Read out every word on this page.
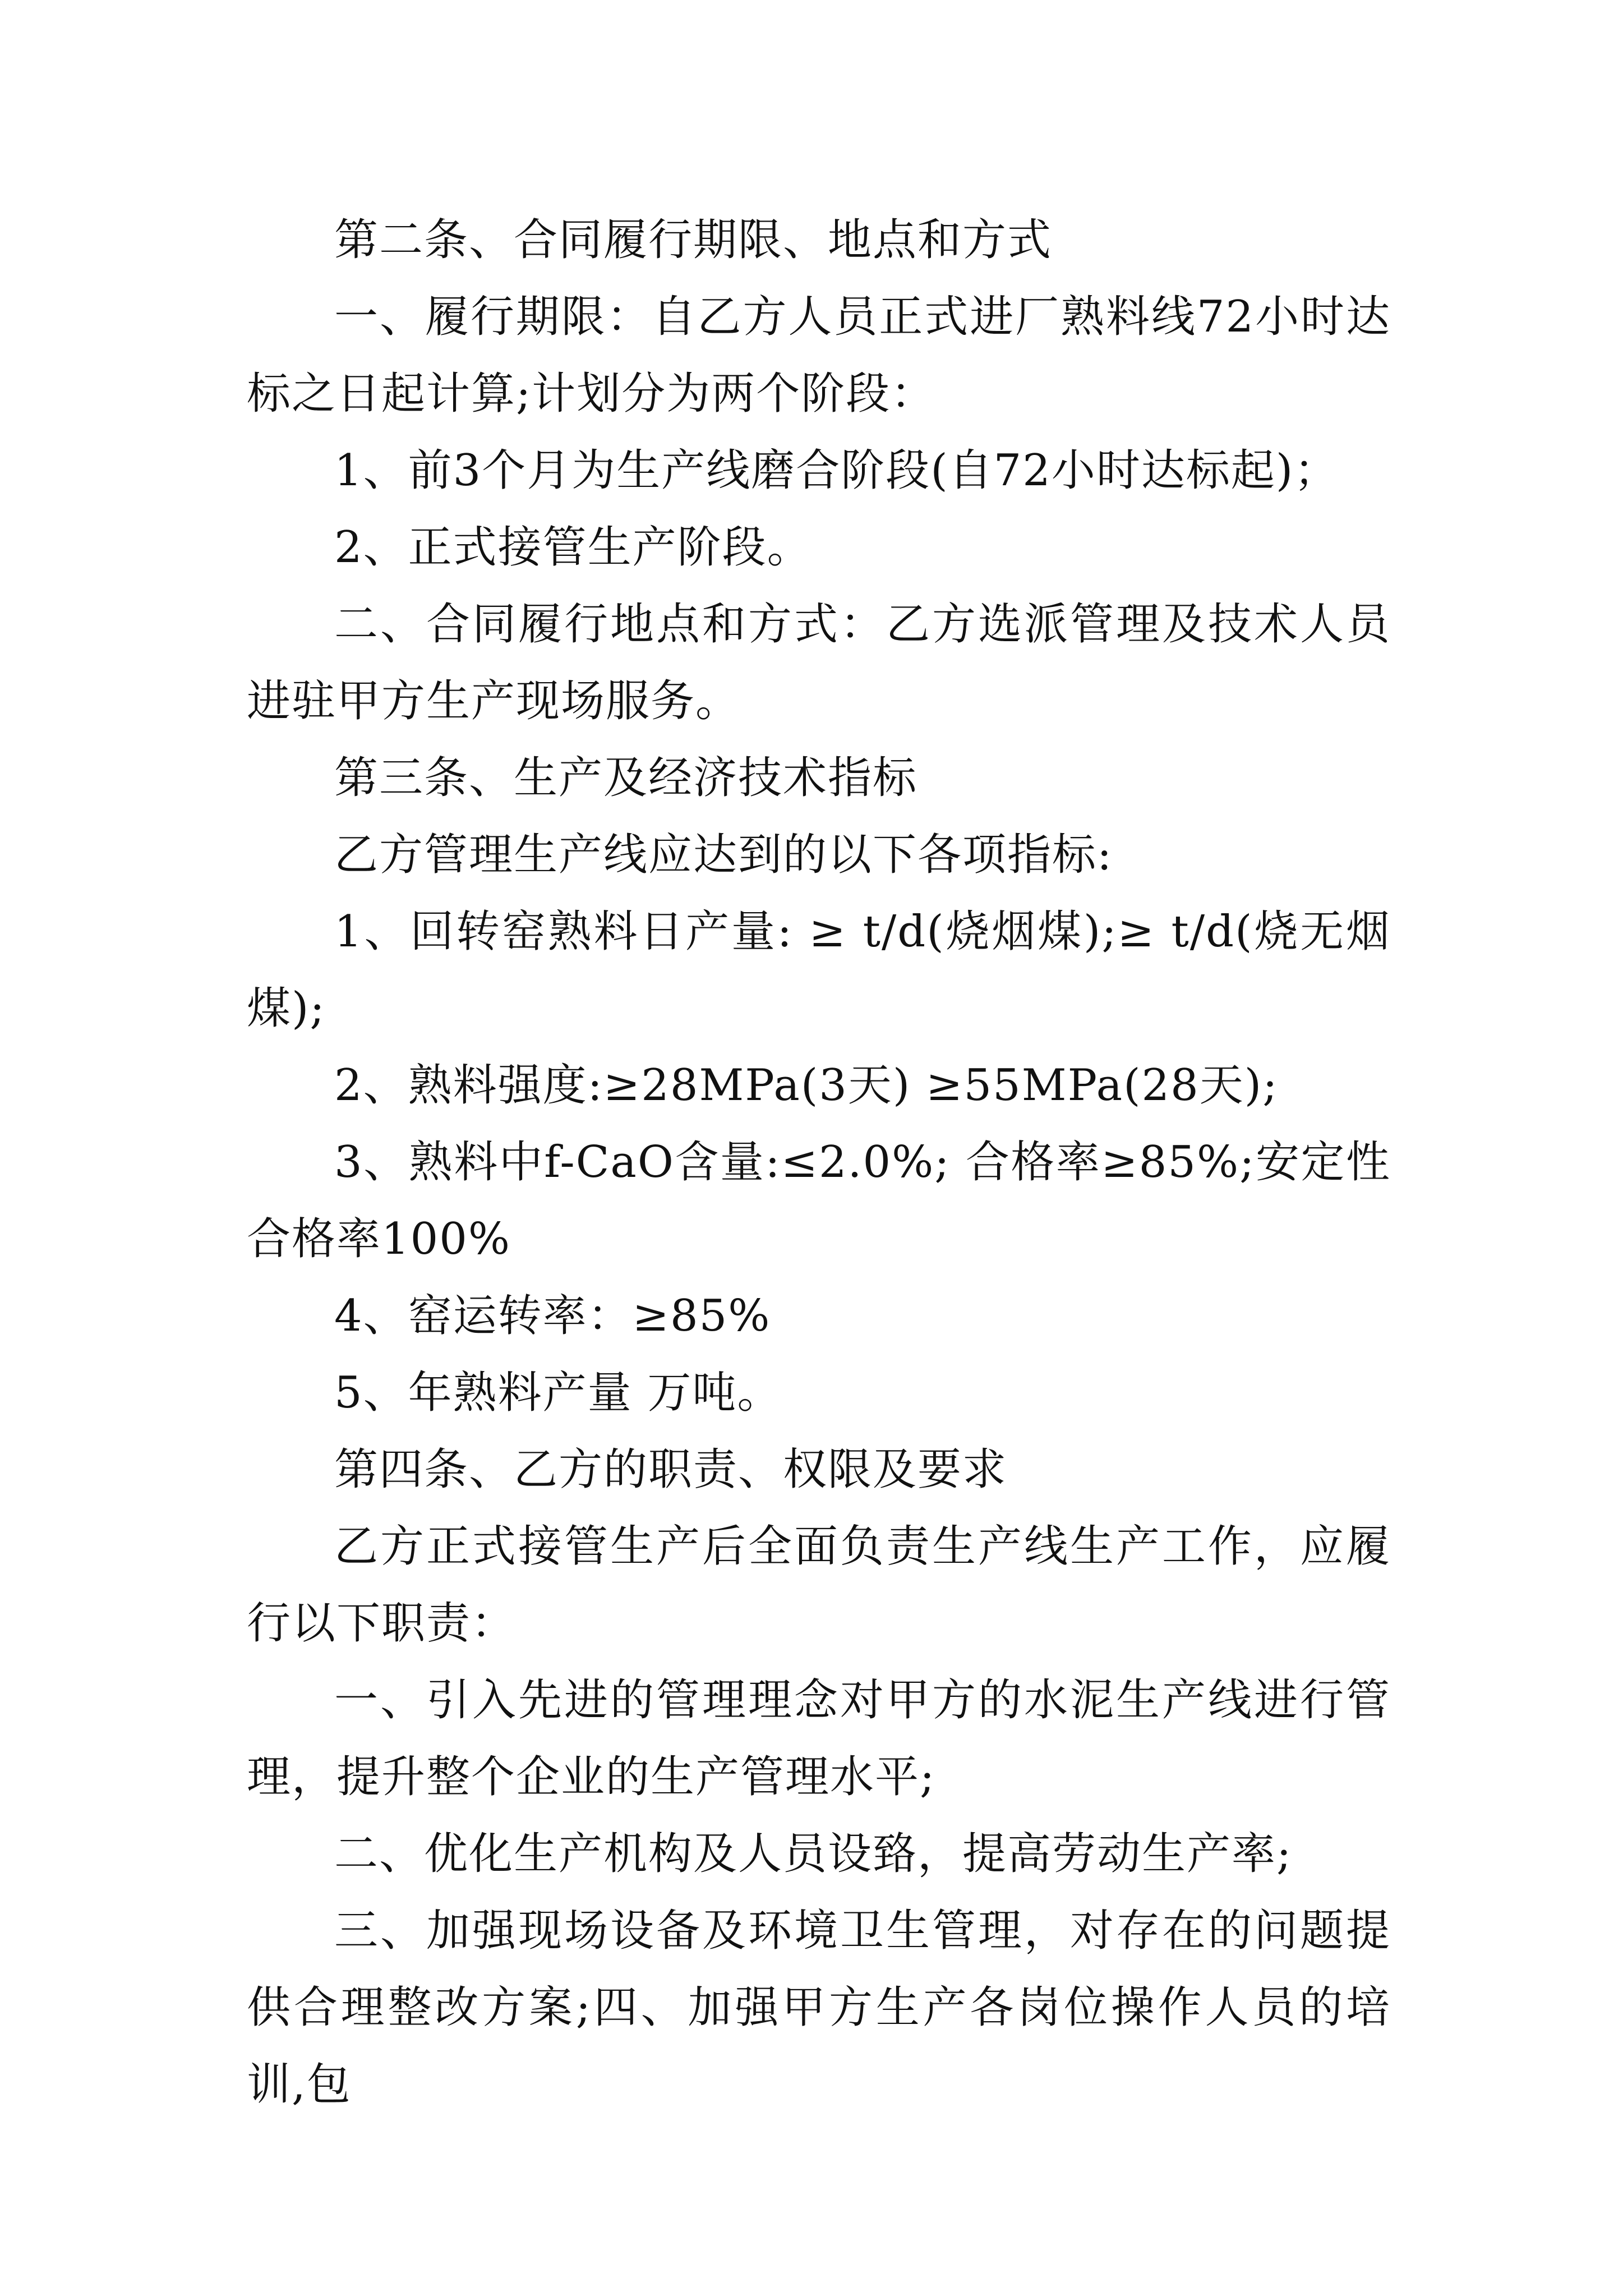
第二条、合同履行期限、地点和方式

一、履行期限：自乙方人员正式进厂熟料线72小时达标之日起计算;计划分为两个阶段：

1、前3个月为生产线磨合阶段(自72小时达标起)；

2、正式接管生产阶段。

二、合同履行地点和方式：乙方选派管理及技术人员进驻甲方生产现场服务。

第三条、生产及经济技术指标

乙方管理生产线应达到的以下各项指标:

1、回转窑熟料日产量: ≥ t/d(烧烟煤);≥ t/d(烧无烟煤);

2、熟料强度:≥28MPa(3天) ≥55MPa(28天);

3、熟料中f-CaO含量:≤2.0%; 合格率≥85%;安定性合格率100%

4、窑运转率：≥85%

5、年熟料产量 万吨。

第四条、乙方的职责、权限及要求

乙方正式接管生产后全面负责生产线生产工作，应履行以下职责：

一、引入先进的管理理念对甲方的水泥生产线进行管理，提升整个企业的生产管理水平;

二、优化生产机构及人员设臵，提高劳动生产率;

三、加强现场设备及环境卫生管理，对存在的问题提供合理整改方案;四、加强甲方生产各岗位操作人员的培训,包
